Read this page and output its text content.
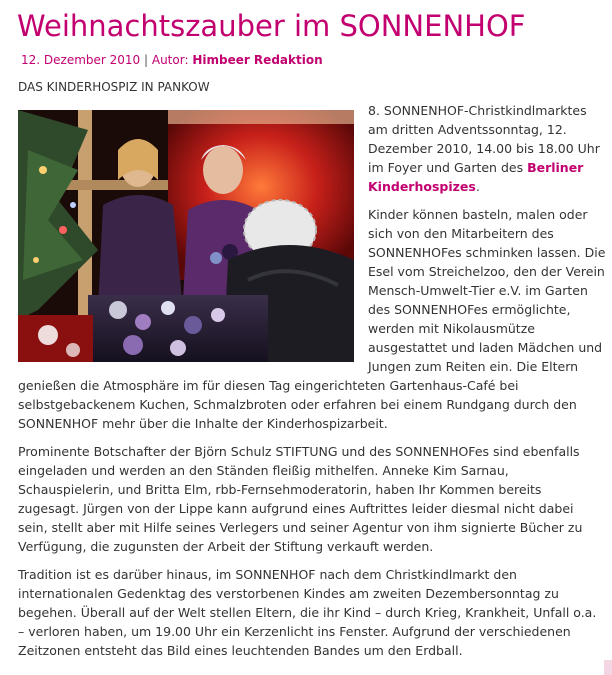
Weihnachtszauber im SONNENHOF
12. Dezember 2010 | Autor: Himbeer Redaktion
DAS KINDERHOSPIZ IN PANKOW

8. SONNENHOF-Christkindlmarktes am dritten Adventssonntag, 12. Dezember 2010, 14.00 bis 18.00 Uhr im Foyer und Garten des Berliner Kinderhospizes.

Kinder können basteln, malen oder sich von den Mitarbeitern des SONNENHOFes schminken lassen. Die Esel vom Streichelzoo, den der Verein Mensch-Umwelt-Tier e.V. im Garten des SONNENHOFes ermöglichte, werden mit Nikolausmütze ausgestattet und laden Mädchen und Jungen zum Reiten ein. Die Eltern genießen die Atmosphäre im für diesen Tag eingerichteten Gartenhaus-Café bei selbstgebackenem Kuchen, Schmalzbroten oder erfahren bei einem Rundgang durch den SONNENHOF mehr über die Inhalte der Kinderhospizarbeit.

Prominente Botschafter der Björn Schulz STIFTUNG und des SONNENHOFes sind ebenfalls eingeladen und werden an den Ständen fleißig mithelfen. Anneke Kim Sarnau, Schauspielerin, und Britta Elm, rbb-Fernsehmoderatorin, haben Ihr Kommen bereits zugesagt. Jürgen von der Lippe kann aufgrund eines Auftrittes leider diesmal nicht dabei sein, stellt aber mit Hilfe seines Verlegers und seiner Agentur von ihm signierte Bücher zu Verfügung, die zugunsten der Arbeit der Stiftung verkauft werden.

Tradition ist es darüber hinaus, im SONNENHOF nach dem Christkindlmarkt den internationalen Gedenktag des verstorbenen Kindes am zweiten Dezembersonntag zu begehen. Überall auf der Welt stellen Eltern, die ihr Kind – durch Krieg, Krankheit, Unfall o.a. – verloren haben, um 19.00 Uhr ein Kerzenlicht ins Fenster. Aufgrund der verschiedenen Zeitzonen entsteht das Bild eines leuchtenden Bandes um den Erdball.
